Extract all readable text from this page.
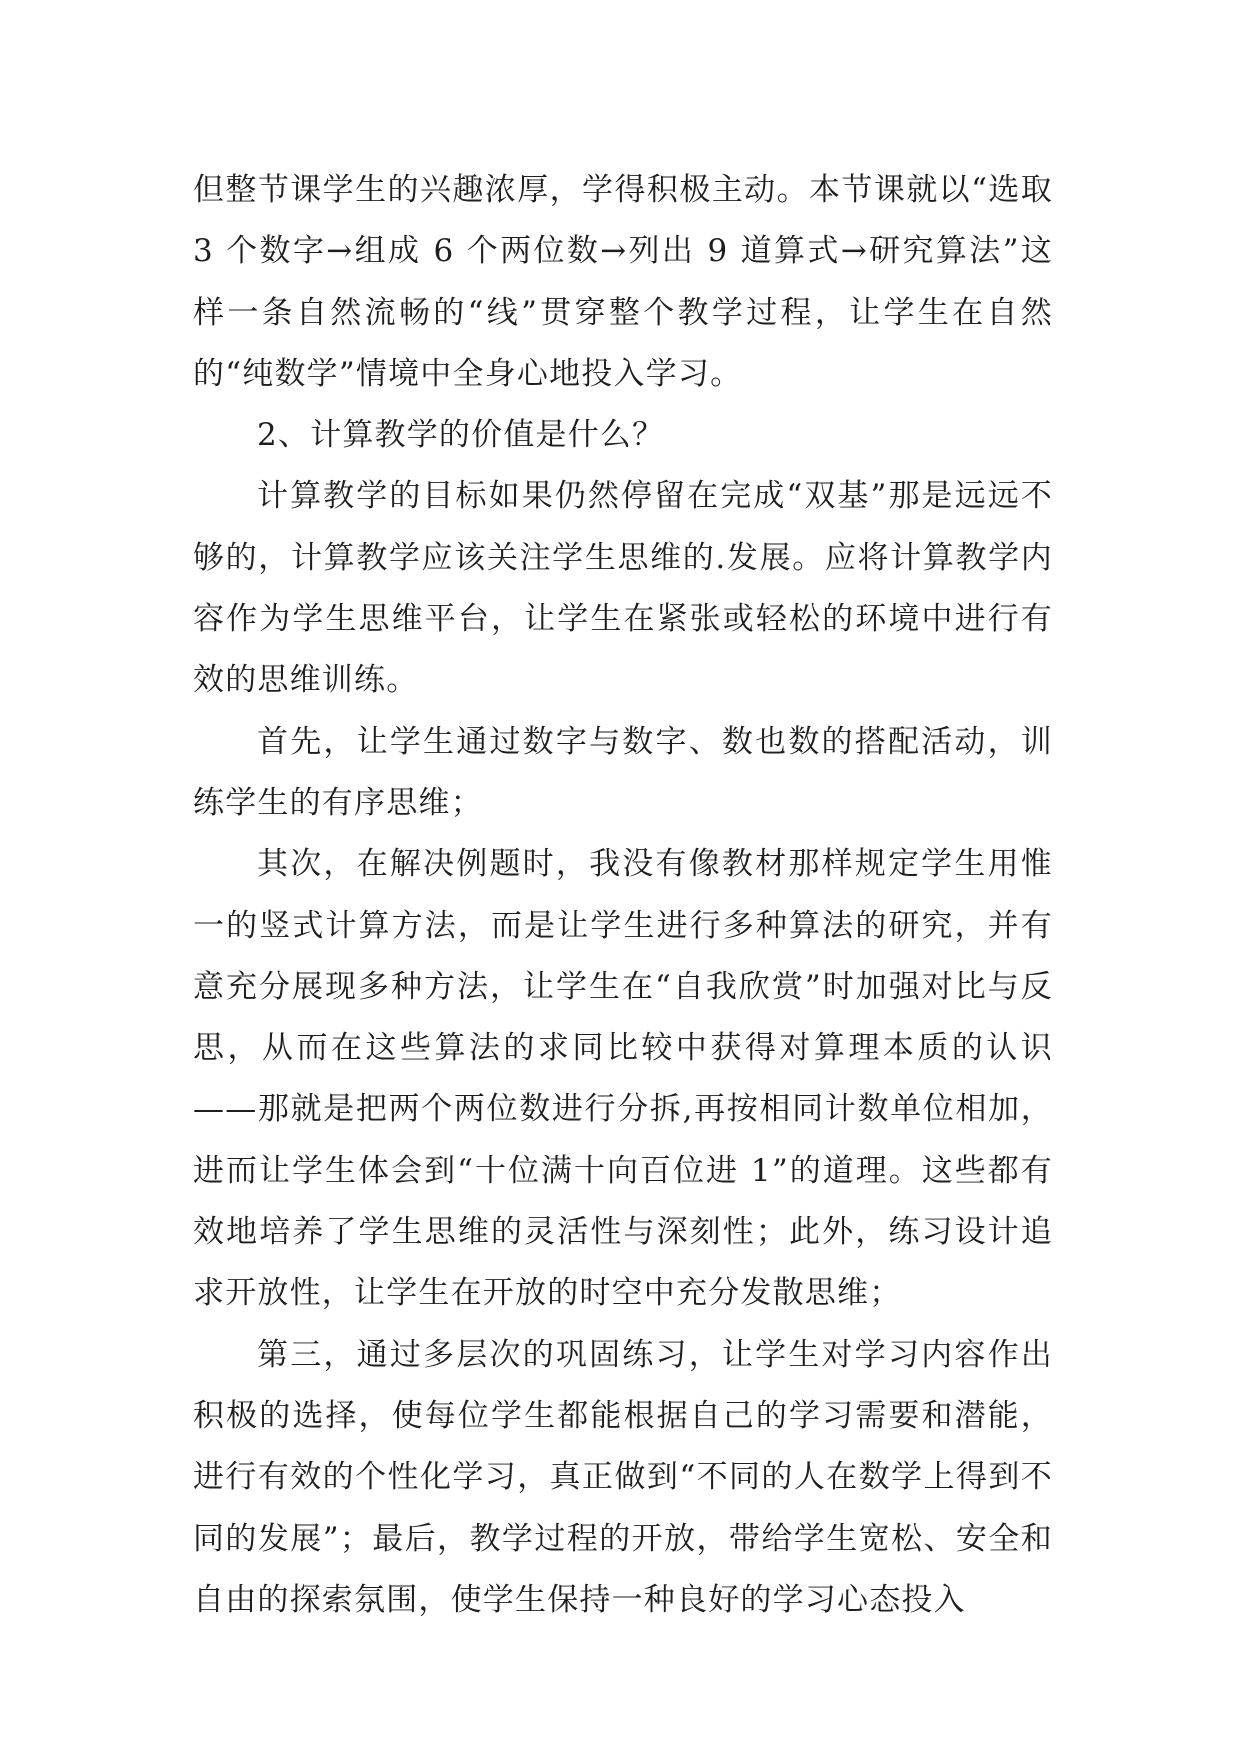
但整节课学生的兴趣浓厚，学得积极主动。本节课就以“选取 3 个数字→组成 6 个两位数→列出 9 道算式→研究算法”这样一条自然流畅的“线”贯穿整个教学过程，让学生在自然的“纯数学”情境中全身心地投入学习。

2、计算教学的价值是什么？

计算教学的目标如果仍然停留在完成“双基”那是远远不够的，计算教学应该关注学生思维的.发展。应将计算教学内容作为学生思维平台，让学生在紧张或轻松的环境中进行有效的思维训练。

首先，让学生通过数字与数字、数也数的搭配活动，训练学生的有序思维；

其次，在解决例题时，我没有像教材那样规定学生用惟一的竖式计算方法，而是让学生进行多种算法的研究，并有意充分展现多种方法，让学生在“自我欣赏”时加强对比与反思，从而在这些算法的求同比较中获得对算理本质的认识——那就是把两个两位数进行分拆,再按相同计数单位相加，进而让学生体会到“十位满十向百位进 1”的道理。这些都有效地培养了学生思维的灵活性与深刻性；此外，练习设计追求开放性，让学生在开放的时空中充分发散思维；

第三，通过多层次的巩固练习，让学生对学习内容作出积极的选择，使每位学生都能根据自己的学习需要和潜能，进行有效的个性化学习，真正做到“不同的人在数学上得到不同的发展”；最后，教学过程的开放，带给学生宽松、安全和自由的探索氛围，使学生保持一种良好的学习心态投入
